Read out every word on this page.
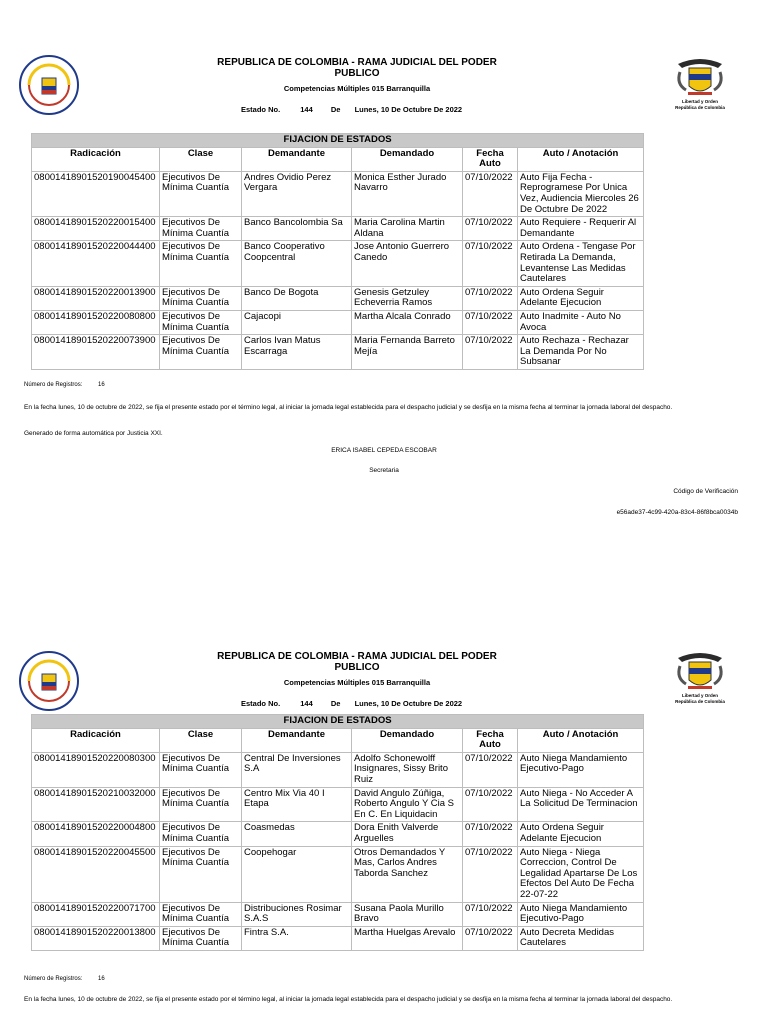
Libertad y Orden
República de Colombia
REPUBLICA DE COLOMBIA - RAMA JUDICIAL DEL PODER PUBLICO
Competencias Múltiples 015 Barranquilla
Estado No.	144 De Lunes, 10 De Octubre De 2022
FIJACION DE ESTADOS					
Radicación	Clase	Demandante	Demandado	Fecha Auto	Auto / Anotación
08001418901520190045400	Ejecutivos De Mínima Cuantía	Andres Ovidio Perez Vergara	Monica Esther Jurado Navarro	07/10/2022	Auto Fija Fecha - Reprogramese Por Unica Vez, Audiencia Miercoles 26 De Octubre De 2022
08001418901520220015400	Ejecutivos De Mínima Cuantía	Banco Bancolombia Sa	Maria Carolina Martin Aldana	07/10/2022	Auto Requiere - Requerir Al Demandante
08001418901520220044400	Ejecutivos De Mínima Cuantía	Banco Cooperativo Coopcentral	Jose Antonio Guerrero Canedo	07/10/2022	Auto Ordena - Tengase Por Retirada La Demanda, Levantense Las Medidas Cautelares
08001418901520220013900	Ejecutivos De Mínima Cuantía	Banco De Bogota	Genesis Getzuley Echeverria Ramos	07/10/2022	Auto Ordena Seguir Adelante Ejecucion
08001418901520220080800	Ejecutivos De Mínima Cuantía	Cajacopi	Martha Alcala Conrado	07/10/2022	Auto Inadmite - Auto No Avoca
08001418901520220073900	Ejecutivos De Mínima Cuantía	Carlos Ivan Matus Escarraga	Maria Fernanda Barreto Mejía	07/10/2022	Auto Rechaza - Rechazar La Demanda Por No Subsanar
Número de Registros:	16
En la fecha lunes, 10 de octubre de 2022, se fija el presente estado por el término legal, al iniciar la jornada legal establecida para el despacho judicial y se desfija en la misma fecha al terminar la jornada laboral del despacho.
Generado de forma automática por Justicia XXI.
ERICA ISABEL CEPEDA ESCOBAR
Secretaria
Código de Verificación
e56ade37-4c99-420a-83c4-86f8bca0034b
Libertad y Orden
República de Colombia
REPUBLICA DE COLOMBIA - RAMA JUDICIAL DEL PODER PUBLICO
Competencias Múltiples 015 Barranquilla
Estado No.	144 De Lunes, 10 De Octubre De 2022
FIJACION DE ESTADOS					
Radicación	Clase	Demandante	Demandado	Fecha Auto	Auto / Anotación
08001418901520220080300	Ejecutivos De Mínima Cuantía	Central De Inversiones S.A	Adolfo Schonewolff Insignares, Sissy Brito Ruiz	07/10/2022	Auto Niega Mandamiento Ejecutivo-Pago
08001418901520210032000	Ejecutivos De Mínima Cuantía	Centro Mix Via 40 I Etapa	David Angulo Zúñiga, Roberto Angulo Y Cia S En C. En Liquidacin	07/10/2022	Auto Niega - No Acceder A La Solicitud De Terminacion
08001418901520220004800	Ejecutivos De Mínima Cuantía	Coasmedas	Dora Enith Valverde Arguelles	07/10/2022	Auto Ordena Seguir Adelante Ejecucion
08001418901520220045500	Ejecutivos De Mínima Cuantía	Coopehogar	Otros Demandados Y Mas, Carlos Andres Taborda Sanchez	07/10/2022	Auto Niega - Niega Correccion, Control De Legalidad Apartarse De Los Efectos Del Auto De Fecha 22-07-22
08001418901520220071700	Ejecutivos De Mínima Cuantía	Distribuciones Rosimar S.A.S	Susana Paola Murillo Bravo	07/10/2022	Auto Niega Mandamiento Ejecutivo-Pago
08001418901520220013800	Ejecutivos De Mínima Cuantía	Fintra S.A.	Martha Huelgas Arevalo	07/10/2022	Auto Decreta Medidas Cautelares
Número de Registros:	16
En la fecha lunes, 10 de octubre de 2022, se fija el presente estado por el término legal, al iniciar la jornada legal establecida para el despacho judicial y se desfija en la misma fecha al terminar la jornada laboral del despacho.
